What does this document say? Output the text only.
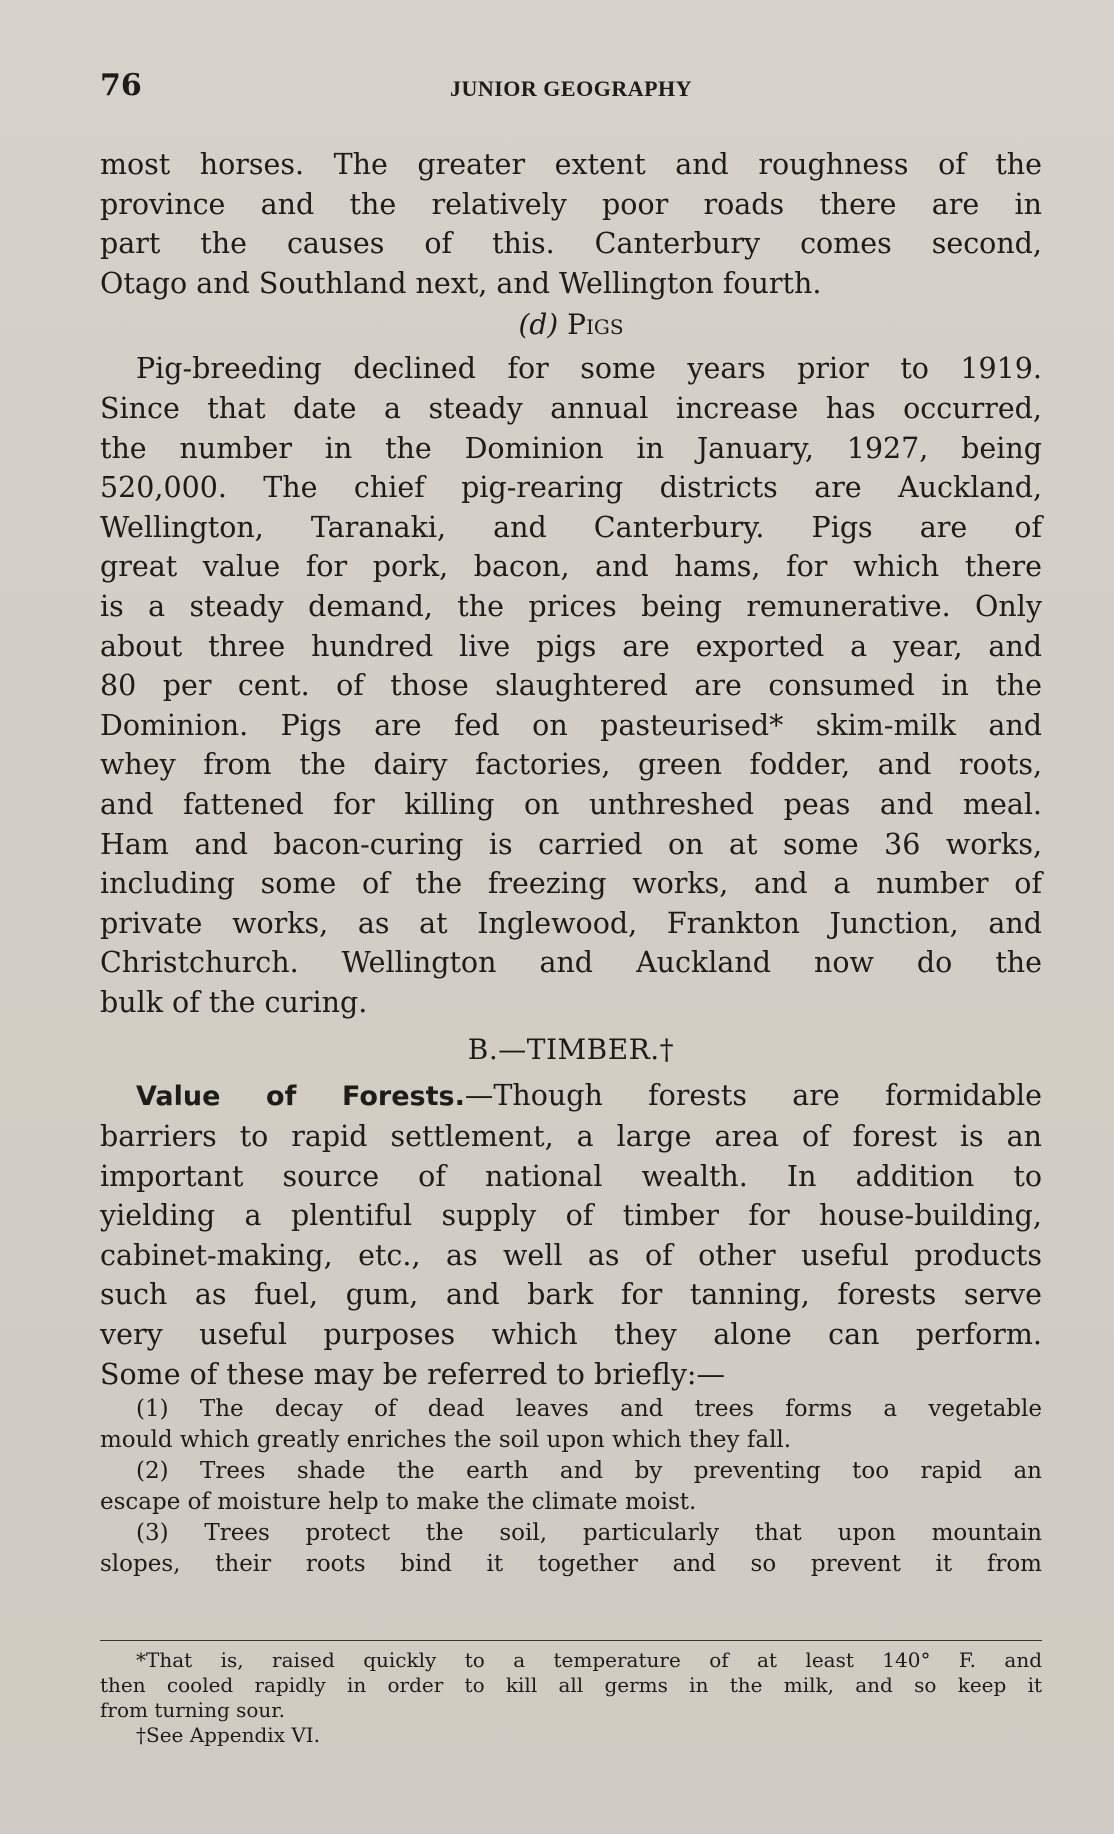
76	JUNIOR GEOGRAPHY
most horses. The greater extent and roughness of the
province and the relatively poor roads there are in
part the causes of this. Canterbury comes second,
Otago and Southland next, and Wellington fourth.
(d) Pigs
Pig-breeding declined for some years prior to 1919.
Since that date a steady annual increase has occurred,
the number in the Dominion in January, 1927, being
520,000. The chief pig-rearing districts are Auckland,
Wellington, Taranaki, and Canterbury. Pigs are of
great value for pork, bacon, and hams, for which there
is a steady demand, the prices being remunerative. Only
about three hundred live pigs are exported a year, and
80 per cent. of those slaughtered are consumed in the
Dominion. Pigs are fed on pasteurised* skim-milk and
whey from the dairy factories, green fodder, and roots,
and fattened for killing on unthreshed peas and meal.
Ham and bacon-curing is carried on at some 36 works,
including some of the freezing works, and a number of
private works, as at Inglewood, Frankton Junction, and
Christchurch. Wellington and Auckland now do the
bulk of the curing.
B.—TIMBER.†
Value of Forests.—Though forests are formidable
barriers to rapid settlement, a large area of forest is an
important source of national wealth. In addition to
yielding a plentiful supply of timber for house-building,
cabinet-making, etc., as well as of other useful products
such as fuel, gum, and bark for tanning, forests serve
very useful purposes which they alone can perform.
Some of these may be referred to briefly:—
(1) The decay of dead leaves and trees forms a vegetable
mould which greatly enriches the soil upon which they fall.
(2) Trees shade the earth and by preventing too rapid an
escape of moisture help to make the climate moist.
(3) Trees protect the soil, particularly that upon mountain
slopes, their roots bind it together and so prevent it from
*That is, raised quickly to a temperature of at least 140° F. and
then cooled rapidly in order to kill all germs in the milk, and so keep it
from turning sour.
†See Appendix VI.
